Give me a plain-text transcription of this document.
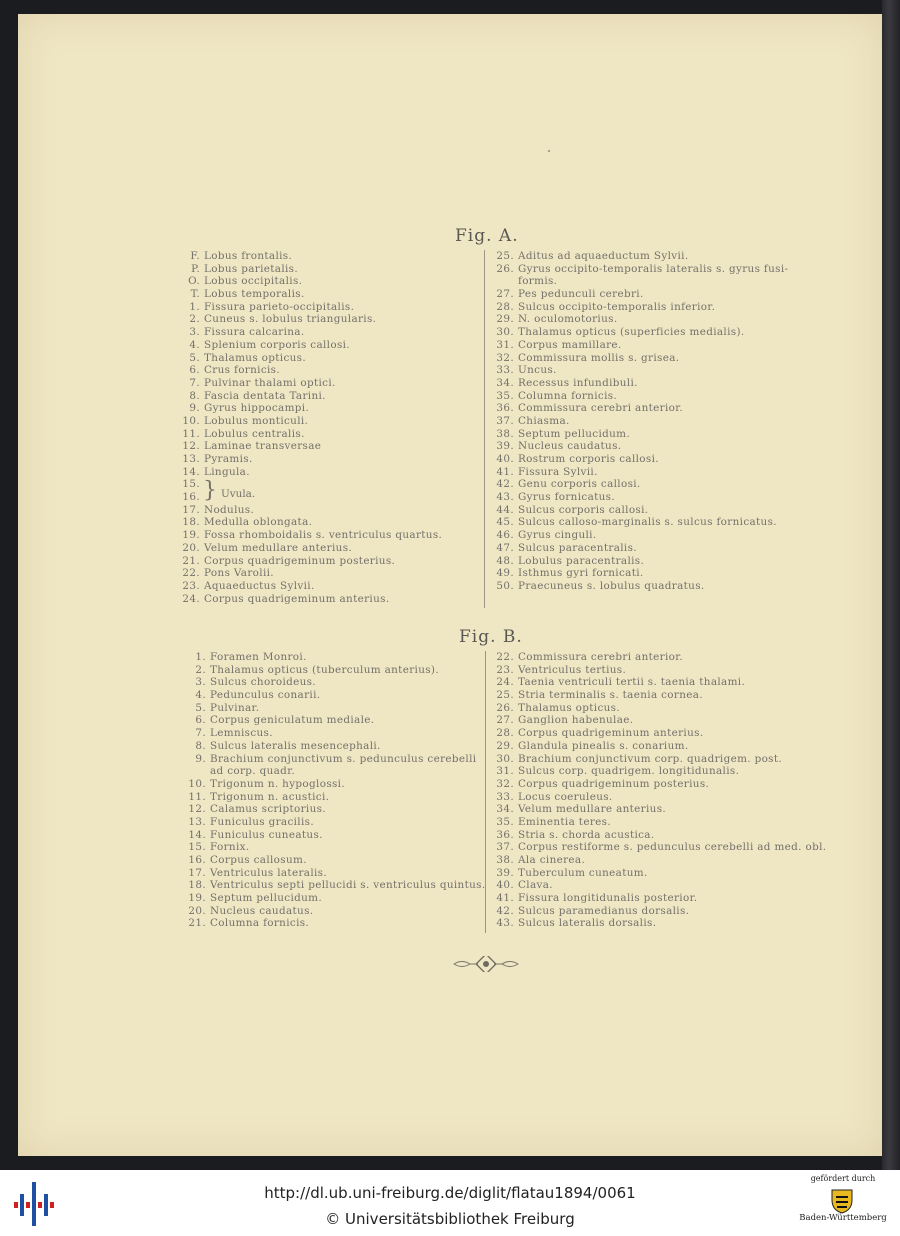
Fig. A.
F. Lobus frontalis.
P. Lobus parietalis.
O. Lobus occipitalis.
T. Lobus temporalis.
1. Fissura parieto-occipitalis.
2. Cuneus s. lobulus triangularis.
3. Fissura calcarina.
4. Splenium corporis callosi.
5. Thalamus opticus.
6. Crus fornicis.
7. Pulvinar thalami optici.
8. Fascia dentata Tarini.
9. Gyrus hippocampi.
10. Lobulus monticuli.
11. Lobulus centralis.
12. Laminae transversae
13. Pyramis.
14. Lingula.
15.
16.
17. Nodulus.
18. Medulla oblongata.
19. Fossa rhomboidalis s. ventriculus quartus.
20. Velum medullare anterius.
21. Corpus quadrigeminum posterius.
22. Pons Varolii.
23. Aquaeductus Sylvii.
24. Corpus quadrigeminum anterius.
} Uvula.
25. Aditus ad aquaeductum Sylvii.
26. Gyrus occipito-temporalis lateralis s. gyrus fusi-
formis.
27. Pes pedunculi cerebri.
28. Sulcus occipito-temporalis inferior.
29. N. oculomotorius.
30. Thalamus opticus (superficies medialis).
31. Corpus mamillare.
32. Commissura mollis s. grisea.
33. Uncus.
34. Recessus infundibuli.
35. Columna fornicis.
36. Commissura cerebri anterior.
37. Chiasma.
38. Septum pellucidum.
39. Nucleus caudatus.
40. Rostrum corporis callosi.
41. Fissura Sylvii.
42. Genu corporis callosi.
43. Gyrus fornicatus.
44. Sulcus corporis callosi.
45. Sulcus calloso-marginalis s. sulcus fornicatus.
46. Gyrus cinguli.
47. Sulcus paracentralis.
48. Lobulus paracentralis.
49. Isthmus gyri fornicati.
50. Praecuneus s. lobulus quadratus.
Fig. B.
1. Foramen Monroi.
2. Thalamus opticus (tuberculum anterius).
3. Sulcus choroideus.
4. Pedunculus conarii.
5. Pulvinar.
6. Corpus geniculatum mediale.
7. Lemniscus.
8. Sulcus lateralis mesencephali.
9. Brachium conjunctivum s. pedunculus cerebelli
ad corp. quadr.
10. Trigonum n. hypoglossi.
11. Trigonum n. acustici.
12. Calamus scriptorius.
13. Funiculus gracilis.
14. Funiculus cuneatus.
15. Fornix.
16. Corpus callosum.
17. Ventriculus lateralis.
18. Ventriculus septi pellucidi s. ventriculus quintus.
19. Septum pellucidum.
20. Nucleus caudatus.
21. Columna fornicis.
22. Commissura cerebri anterior.
23. Ventriculus tertius.
24. Taenia ventriculi tertii s. taenia thalami.
25. Stria terminalis s. taenia cornea.
26. Thalamus opticus.
27. Ganglion habenulae.
28. Corpus quadrigeminum anterius.
29. Glandula pinealis s. conarium.
30. Brachium conjunctivum corp. quadrigem. post.
31. Sulcus corp. quadrigem. longitidunalis.
32. Corpus quadrigeminum posterius.
33. Locus coeruleus.
34. Velum medullare anterius.
35. Eminentia teres.
36. Stria s. chorda acustica.
37. Corpus restiforme s. pedunculus cerebelli ad med. obl.
38. Ala cinerea.
39. Tuberculum cuneatum.
40. Clava.
41. Fissura longitidunalis posterior.
42. Sulcus paramedianus dorsalis.
43. Sulcus lateralis dorsalis.
http://dl.ub.uni-freiburg.de/diglit/flatau1894/0061
© Universitätsbibliothek Freiburg
gefördert durch
Baden-Württemberg
